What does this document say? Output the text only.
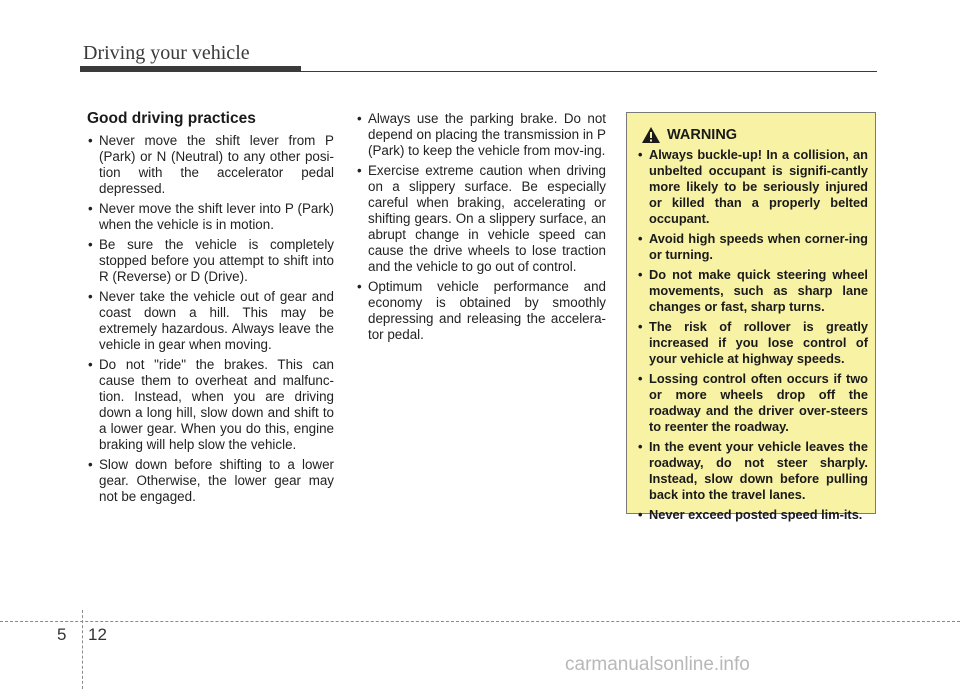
Driving your vehicle
Good driving practices
• Never move the shift lever from P (Park) or N (Neutral) to any other posi-tion with the accelerator pedal depressed.
• Never move the shift lever into P (Park) when the vehicle is in motion.
• Be sure the vehicle is completely stopped before you attempt to shift into R (Reverse) or D (Drive).
• Never take the vehicle out of gear and coast down a hill. This may be extremely hazardous. Always leave the vehicle in gear when moving.
• Do not "ride" the brakes. This can cause them to overheat and malfunc-tion. Instead, when you are driving down a long hill, slow down and shift to a lower gear. When you do this, engine braking will help slow the vehicle.
• Slow down before shifting to a lower gear. Otherwise, the lower gear may not be engaged.
• Always use the parking brake. Do not depend on placing the transmission in P (Park) to keep the vehicle from mov-ing.
• Exercise extreme caution when driving on a slippery surface. Be especially careful when braking, accelerating or shifting gears. On a slippery surface, an abrupt change in vehicle speed can cause the drive wheels to lose traction and the vehicle to go out of control.
• Optimum vehicle performance and economy is obtained by smoothly depressing and releasing the accelera-tor pedal.
WARNING
• Always buckle-up! In a collision, an unbelted occupant is signifi-cantly more likely to be seriously injured or killed than a properly belted occupant.
• Avoid high speeds when corner-ing or turning.
• Do not make quick steering wheel movements, such as sharp lane changes or fast, sharp turns.
• The risk of rollover is greatly increased if you lose control of your vehicle at highway speeds.
• Lossing control often occurs if two or more wheels drop off the roadway and the driver over-steers to reenter the roadway.
• In the event your vehicle leaves the roadway, do not steer sharply. Instead, slow down before pulling back into the travel lanes.
• Never exceed posted speed lim-its.
5 12
carmanualsonline.info
